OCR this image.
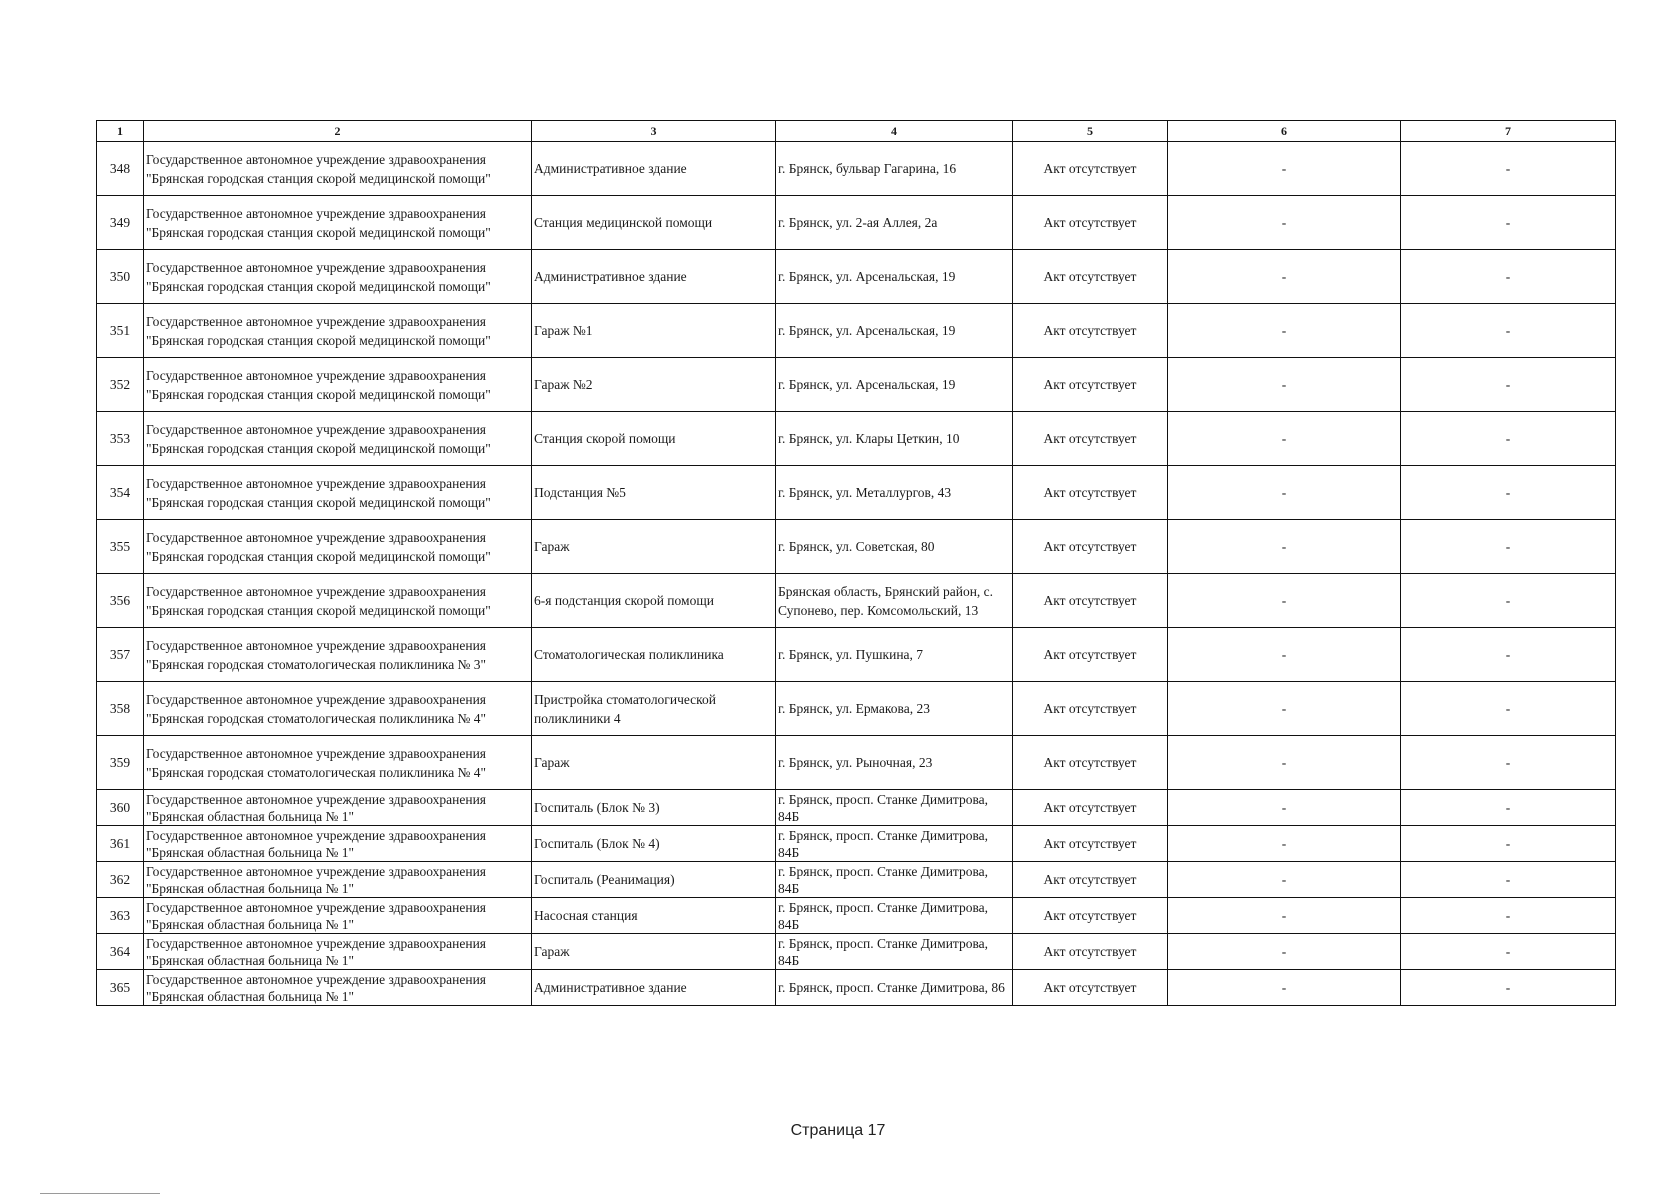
1	2	3	4	5	6	7
348	Государственное автономное учреждение здравоохранения "Брянская городская станция скорой медицинской помощи"	Административное здание	г. Брянск, бульвар Гагарина, 16	Акт отсутствует	-	-
349	Государственное автономное учреждение здравоохранения "Брянская городская станция скорой медицинской помощи"	Станция медицинской помощи	г. Брянск, ул. 2-ая Аллея, 2а	Акт отсутствует	-	-
350	Государственное автономное учреждение здравоохранения "Брянская городская станция скорой медицинской помощи"	Административное здание	г. Брянск, ул. Арсенальская, 19	Акт отсутствует	-	-
351	Государственное автономное учреждение здравоохранения "Брянская городская станция скорой медицинской помощи"	Гараж №1	г. Брянск, ул. Арсенальская, 19	Акт отсутствует	-	-
352	Государственное автономное учреждение здравоохранения "Брянская городская станция скорой медицинской помощи"	Гараж №2	г. Брянск, ул. Арсенальская, 19	Акт отсутствует	-	-
353	Государственное автономное учреждение здравоохранения "Брянская городская станция скорой медицинской помощи"	Станция скорой помощи	г. Брянск, ул. Клары Цеткин, 10	Акт отсутствует	-	-
354	Государственное автономное учреждение здравоохранения "Брянская городская станция скорой медицинской помощи"	Подстанция №5	г. Брянск, ул. Металлургов, 43	Акт отсутствует	-	-
355	Государственное автономное учреждение здравоохранения "Брянская городская станция скорой медицинской помощи"	Гараж	г. Брянск, ул. Советская, 80	Акт отсутствует	-	-
356	Государственное автономное учреждение здравоохранения "Брянская городская станция скорой медицинской помощи"	6-я подстанция скорой помощи	Брянская область, Брянский район, с. Супонево, пер. Комсомольский, 13	Акт отсутствует	-	-
357	Государственное автономное учреждение здравоохранения "Брянская городская стоматологическая поликлиника № 3"	Стоматологическая поликлиника	г. Брянск, ул. Пушкина, 7	Акт отсутствует	-	-
358	Государственное автономное учреждение здравоохранения "Брянская городская стоматологическая поликлиника № 4"	Пристройка стоматологической поликлиники 4	г. Брянск, ул. Ермакова, 23	Акт отсутствует	-	-
359	Государственное автономное учреждение здравоохранения "Брянская городская стоматологическая поликлиника № 4"	Гараж	г. Брянск, ул. Рыночная, 23	Акт отсутствует	-	-
360	Государственное автономное учреждение здравоохранения "Брянская областная больница № 1"	Госпиталь (Блок № 3)	г. Брянск, просп. Станке Димитрова, 84Б	Акт отсутствует	-	-
361	Государственное автономное учреждение здравоохранения "Брянская областная больница № 1"	Госпиталь (Блок № 4)	г. Брянск, просп. Станке Димитрова, 84Б	Акт отсутствует	-	-
362	Государственное автономное учреждение здравоохранения "Брянская областная больница № 1"	Госпиталь (Реанимация)	г. Брянск, просп. Станке Димитрова, 84Б	Акт отсутствует	-	-
363	Государственное автономное учреждение здравоохранения "Брянская областная больница № 1"	Насосная станция	г. Брянск, просп. Станке Димитрова, 84Б	Акт отсутствует	-	-
364	Государственное автономное учреждение здравоохранения "Брянская областная больница № 1"	Гараж	г. Брянск, просп. Станке Димитрова, 84Б	Акт отсутствует	-	-
365	Государственное автономное учреждение здравоохранения "Брянская областная больница № 1"	Административное здание	г. Брянск, просп. Станке Димитрова, 86	Акт отсутствует	-	-
Страница 17
